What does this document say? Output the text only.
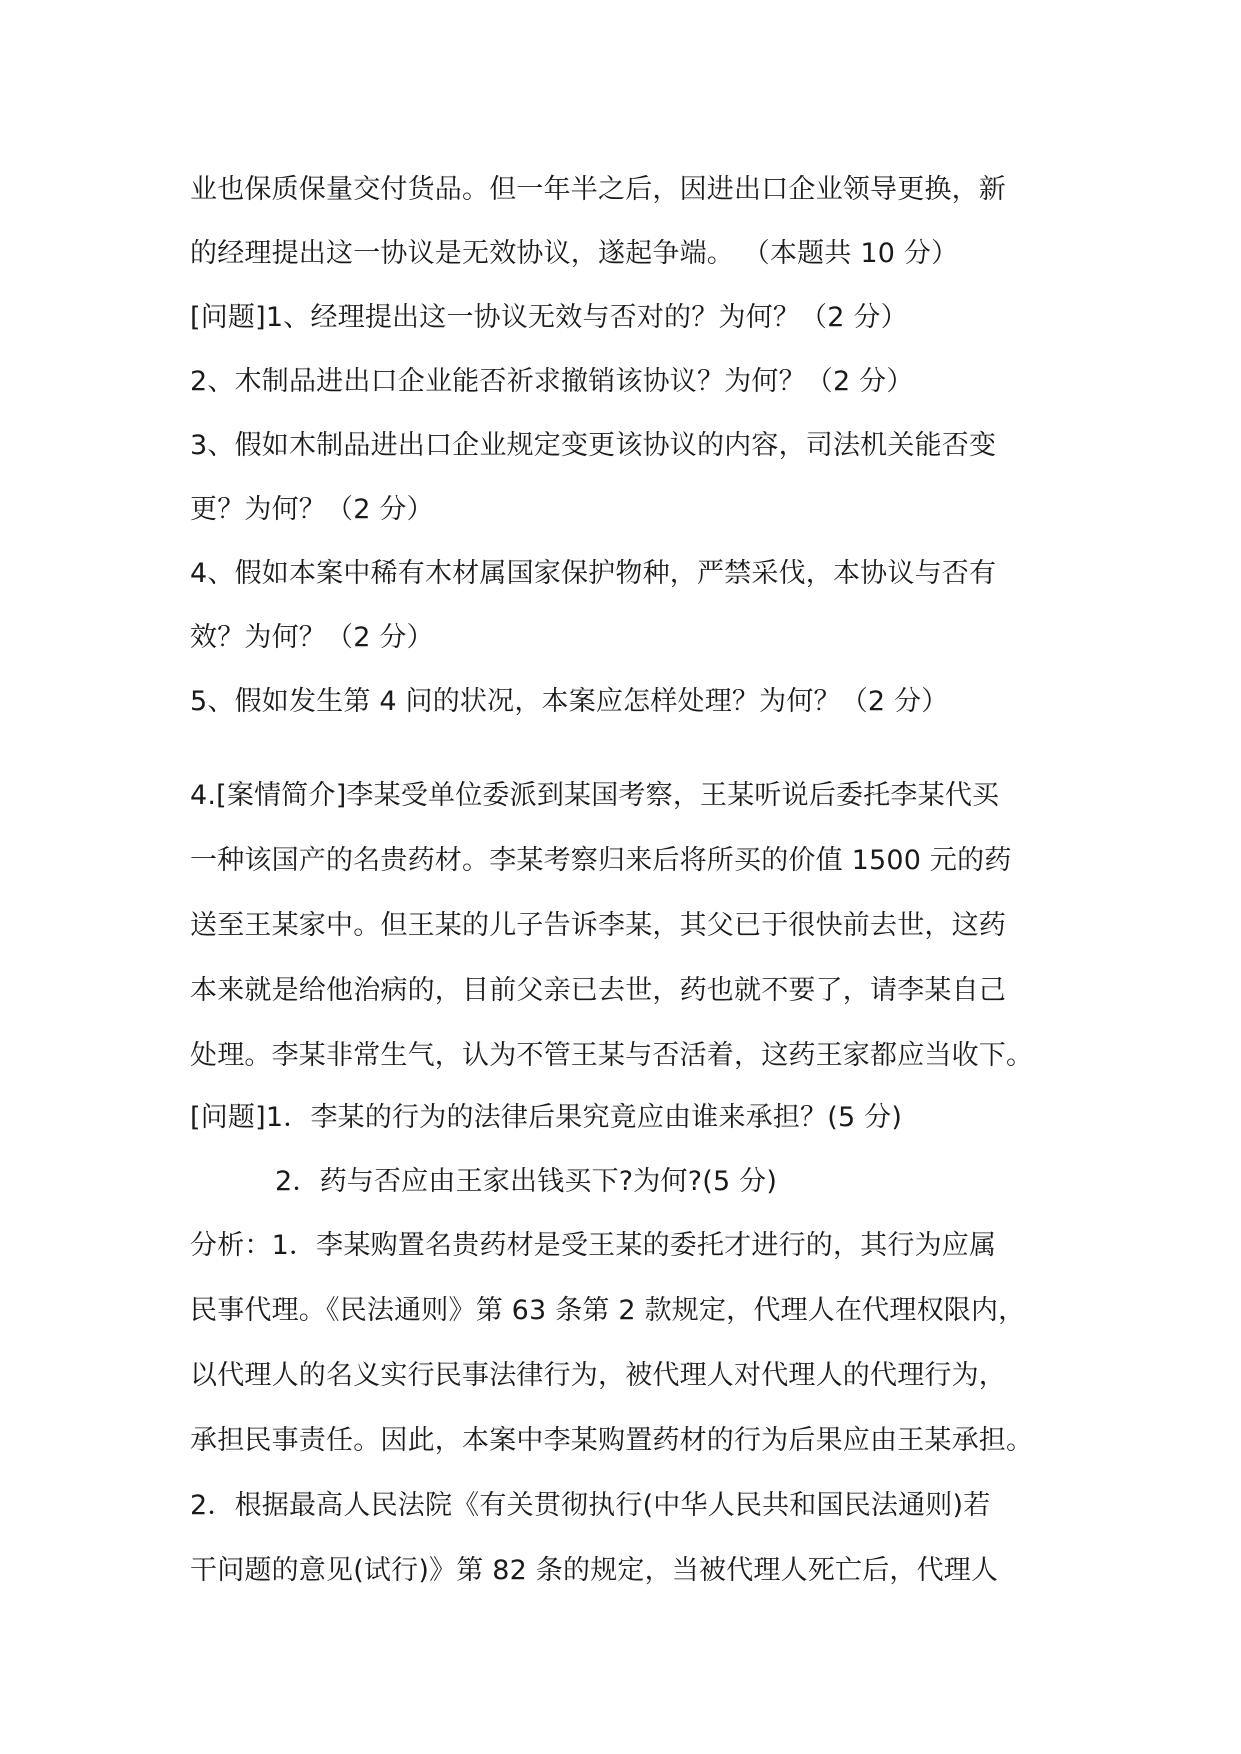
业也保质保量交付货品。但一年半之后，因进出口企业领导更换，新
的经理提出这一协议是无效协议，遂起争端。 （本题共 10 分）
[问题]1、经理提出这一协议无效与否对的？为何？（2 分）
2、木制品进出口企业能否祈求撤销该协议？为何？（2 分）
3、假如木制品进出口企业规定变更该协议的内容，司法机关能否变
更？为何？（2 分）
4、假如本案中稀有木材属国家保护物种，严禁采伐，本协议与否有
效？为何？（2 分）
5、假如发生第 4 问的状况，本案应怎样处理？为何？（2 分）
4.[案情简介]李某受单位委派到某国考察，王某听说后委托李某代买
一种该国产的名贵药材。李某考察归来后将所买的价值 1500 元的药
送至王某家中。但王某的儿子告诉李某，其父已于很快前去世，这药
本来就是给他治病的，目前父亲已去世，药也就不要了，请李某自己
处理。李某非常生气，认为不管王某与否活着，这药王家都应当收下。
[问题]1．李某的行为的法律后果究竟应由谁来承担？(5 分)
2．药与否应由王家出钱买下?为何?(5 分)
分析：1．李某购置名贵药材是受王某的委托才进行的，其行为应属
民事代理。《民法通则》第 63 条第 2 款规定，代理人在代理权限内，
以代理人的名义实行民事法律行为，被代理人对代理人的代理行为，
承担民事责任。因此，本案中李某购置药材的行为后果应由王某承担。
2．根据最高人民法院《有关贯彻执行(中华人民共和国民法通则)若
干问题的意见(试行)》第 82 条的规定，当被代理人死亡后，代理人
